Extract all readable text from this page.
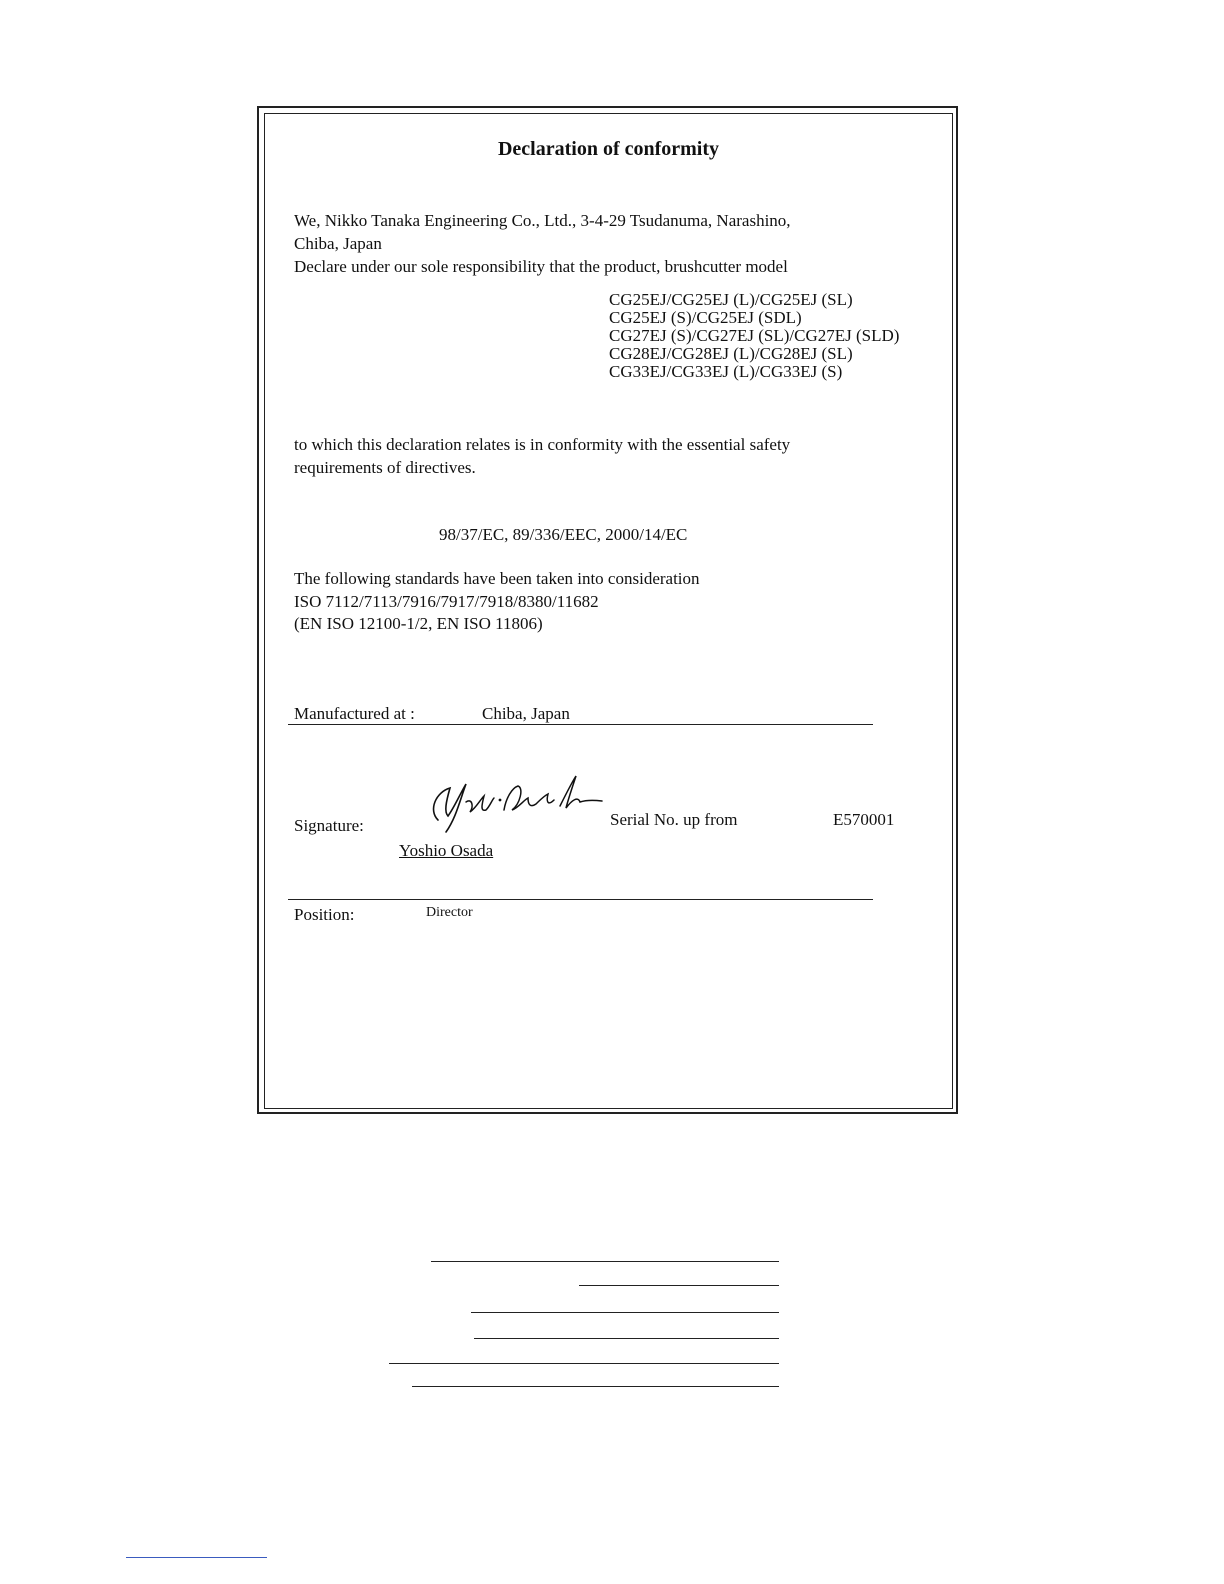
Declaration of conformity
We, Nikko Tanaka Engineering Co., Ltd., 3-4-29 Tsudanuma, Narashino,
Chiba, Japan
Declare under our sole responsibility that the product, brushcutter model
CG25EJ/CG25EJ (L)/CG25EJ (SL)
CG25EJ (S)/CG25EJ (SDL)
CG27EJ (S)/CG27EJ (SL)/CG27EJ (SLD)
CG28EJ/CG28EJ (L)/CG28EJ (SL)
CG33EJ/CG33EJ (L)/CG33EJ (S)
to which this declaration relates is in conformity with the essential safety
requirements of directives.
98/37/EC, 89/336/EEC, 2000/14/EC
The following standards have been taken into consideration
ISO 7112/7113/7916/7917/7918/8380/11682
(EN ISO 12100-1/2, EN ISO 11806)
Manufactured at :	Chiba, Japan
Signature:
Yoshio Osada
Serial No. up from	E570001
Position:	Director
